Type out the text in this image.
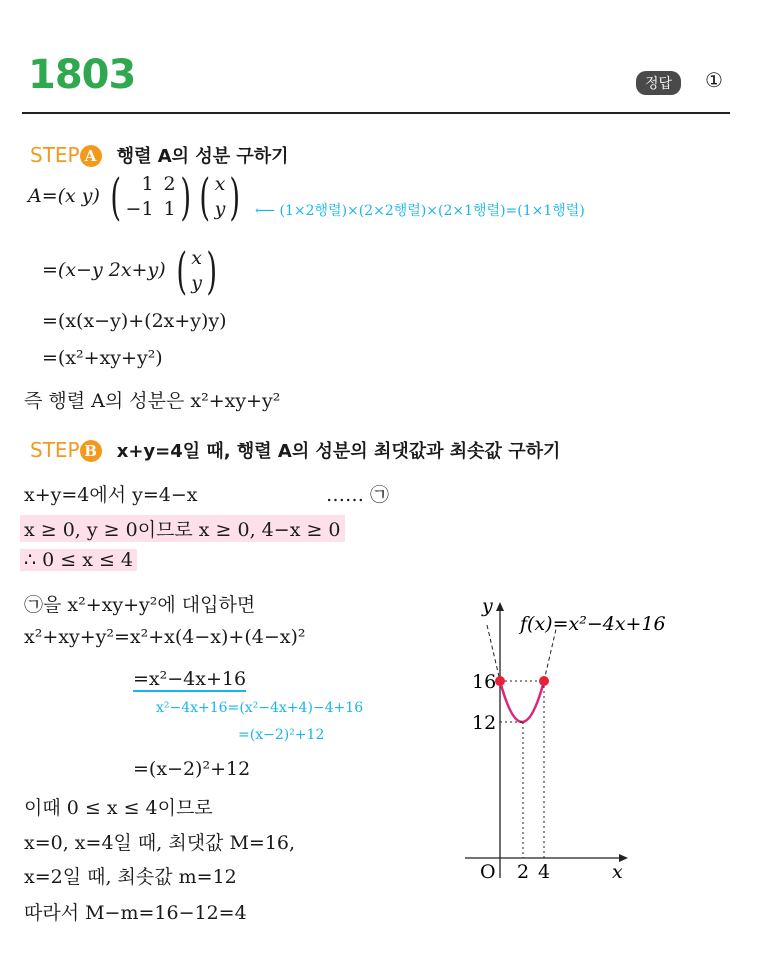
1803	정답	①
STEP A 행렬 A의 성분 구하기
A=(x y) (	1 2
−1 1 ) ( x
y ) ⟵ (1×2행렬)×(2×2행렬)×(2×1행렬)=(1×1행렬)
=(x−y 2x+y) ( x
y )
=(x(x−y)+(2x+y)y)
=(x²+xy+y²)
즉 행렬 A의 성분은 x²+xy+y²
STEP B x+y=4일 때, 행렬 A의 성분의 최댓값과 최솟값 구하기
x+y=4에서 y=4−x	…… ㉠
x ≥ 0, y ≥ 0이므로 x ≥ 0, 4−x ≥ 0
∴ 0 ≤ x ≤ 4
㉠을 x²+xy+y²에 대입하면
x²+xy+y²=x²+x(4−x)+(4−x)²
=x²−4x+16
x²−4x+16=(x²−4x+4)−4+16
=(x−2)²+12
=(x−2)²+12
이때 0 ≤ x ≤ 4이므로
x=0, x=4일 때, 최댓값 M=16,
x=2일 때, 최솟값 m=12
따라서 M−m=16−12=4
y
x
O 2 4
16
12
f(x)=x²−4x+16
